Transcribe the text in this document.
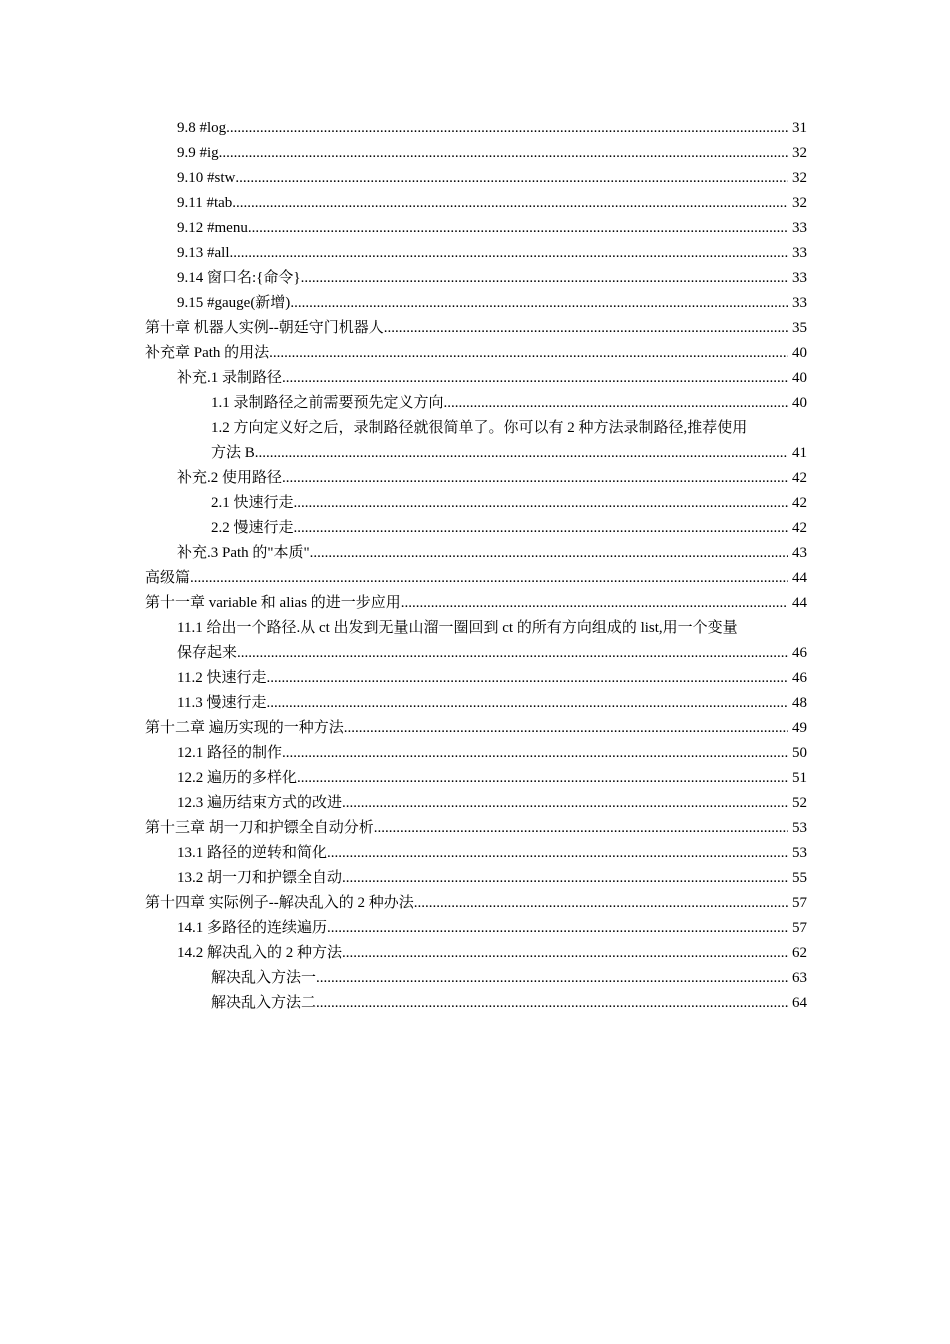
9.8 #log .....	31
9.9 #ig .....	32
9.10 #stw .....	32
9.11 #tab .....	32
9.12 #menu .....	33
9.13 #all .....	33
9.14 窗口名:{命令} .....	33
9.15 #gauge(新增) .....	33
第十章 机器人实例--朝廷守门机器人 .....	35
补充章 Path 的用法 .....	40
补充.1 录制路径 .....	40
1.1 录制路径之前需要预先定义方向. .....	40
1.2 方向定义好之后，录制路径就很简单了。你可以有 2 种方法录制路径,推荐使用
方法 B .....	41
补充.2 使用路径 .....	42
2.1 快速行走 .....	42
2.2 慢速行走 .....	42
补充.3 Path 的"本质" .....	43
高级篇 .....	44
第十一章 variable 和 alias 的进一步应用 .....	44
11.1 给出一个路径.从 ct 出发到无量山溜一圈回到 ct 的所有方向组成的 list,用一个变量
保存起来 .....	46
11.2 快速行走 .....	46
11.3 慢速行走 .....	48
第十二章 遍历实现的一种方法 .....	49
12.1 路径的制作 .....	50
12.2 遍历的多样化 .....	51
12.3 遍历结束方式的改进 .....	52
第十三章 胡一刀和护镖全自动分析 .....	53
13.1 路径的逆转和简化 .....	53
13.2 胡一刀和护镖全自动 .....	55
第十四章 实际例子--解决乱入的 2 种办法 .....	57
14.1 多路径的连续遍历 .....	57
14.2 解决乱入的 2 种方法 .....	62
解决乱入方法一 .....	63
解决乱入方法二 .....	64
